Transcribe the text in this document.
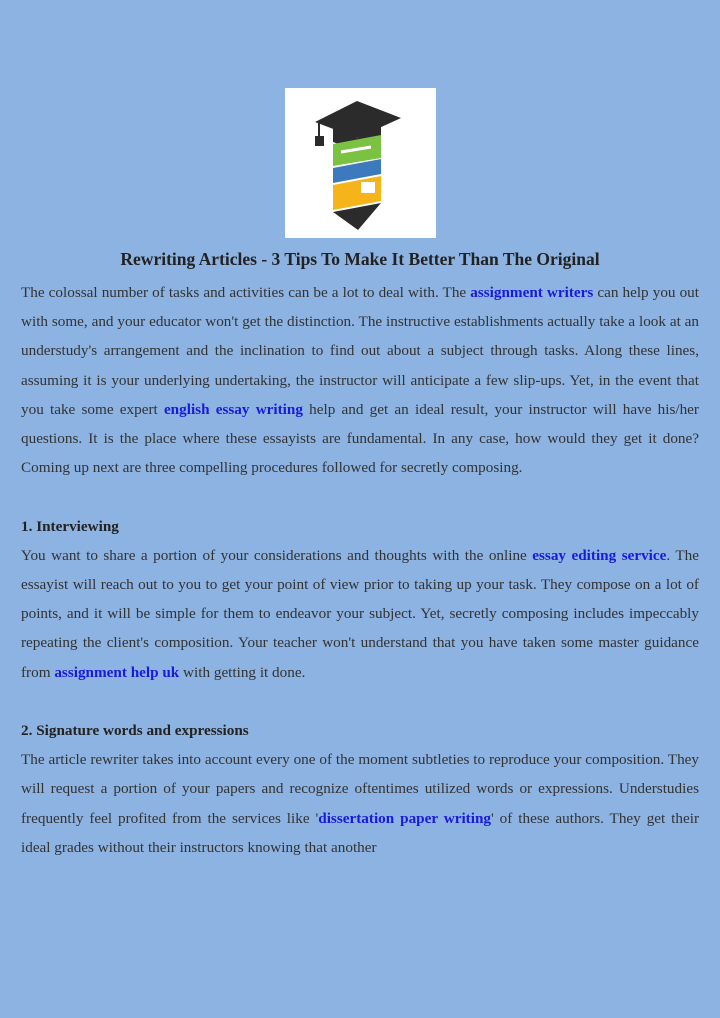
Rewriting Articles - 3 Tips To Make It Better Than The Original

The colossal number of tasks and activities can be a lot to deal with. The assignment writers can help you out with some, and your educator won't get the distinction. The instructive establishments actually take a look at an understudy's arrangement and the inclination to find out about a subject through tasks. Along these lines, assuming it is your underlying undertaking, the instructor will anticipate a few slip-ups. Yet, in the event that you take some expert english essay writing help and get an ideal result, your instructor will have his/her questions. It is the place where these essayists are fundamental. In any case, how would they get it done? Coming up next are three compelling procedures followed for secretly composing.

1. Interviewing

You want to share a portion of your considerations and thoughts with the online essay editing service. The essayist will reach out to you to get your point of view prior to taking up your task. They compose on a lot of points, and it will be simple for them to endeavor your subject. Yet, secretly composing includes impeccably repeating the client's composition. Your teacher won't understand that you have taken some master guidance from assignment help uk with getting it done.

2. Signature words and expressions

The article rewriter takes into account every one of the moment subtleties to reproduce your composition. They will request a portion of your papers and recognize oftentimes utilized words or expressions. Understudies frequently feel profited from the services like 'dissertation paper writing' of these authors. They get their ideal grades without their instructors knowing that another
